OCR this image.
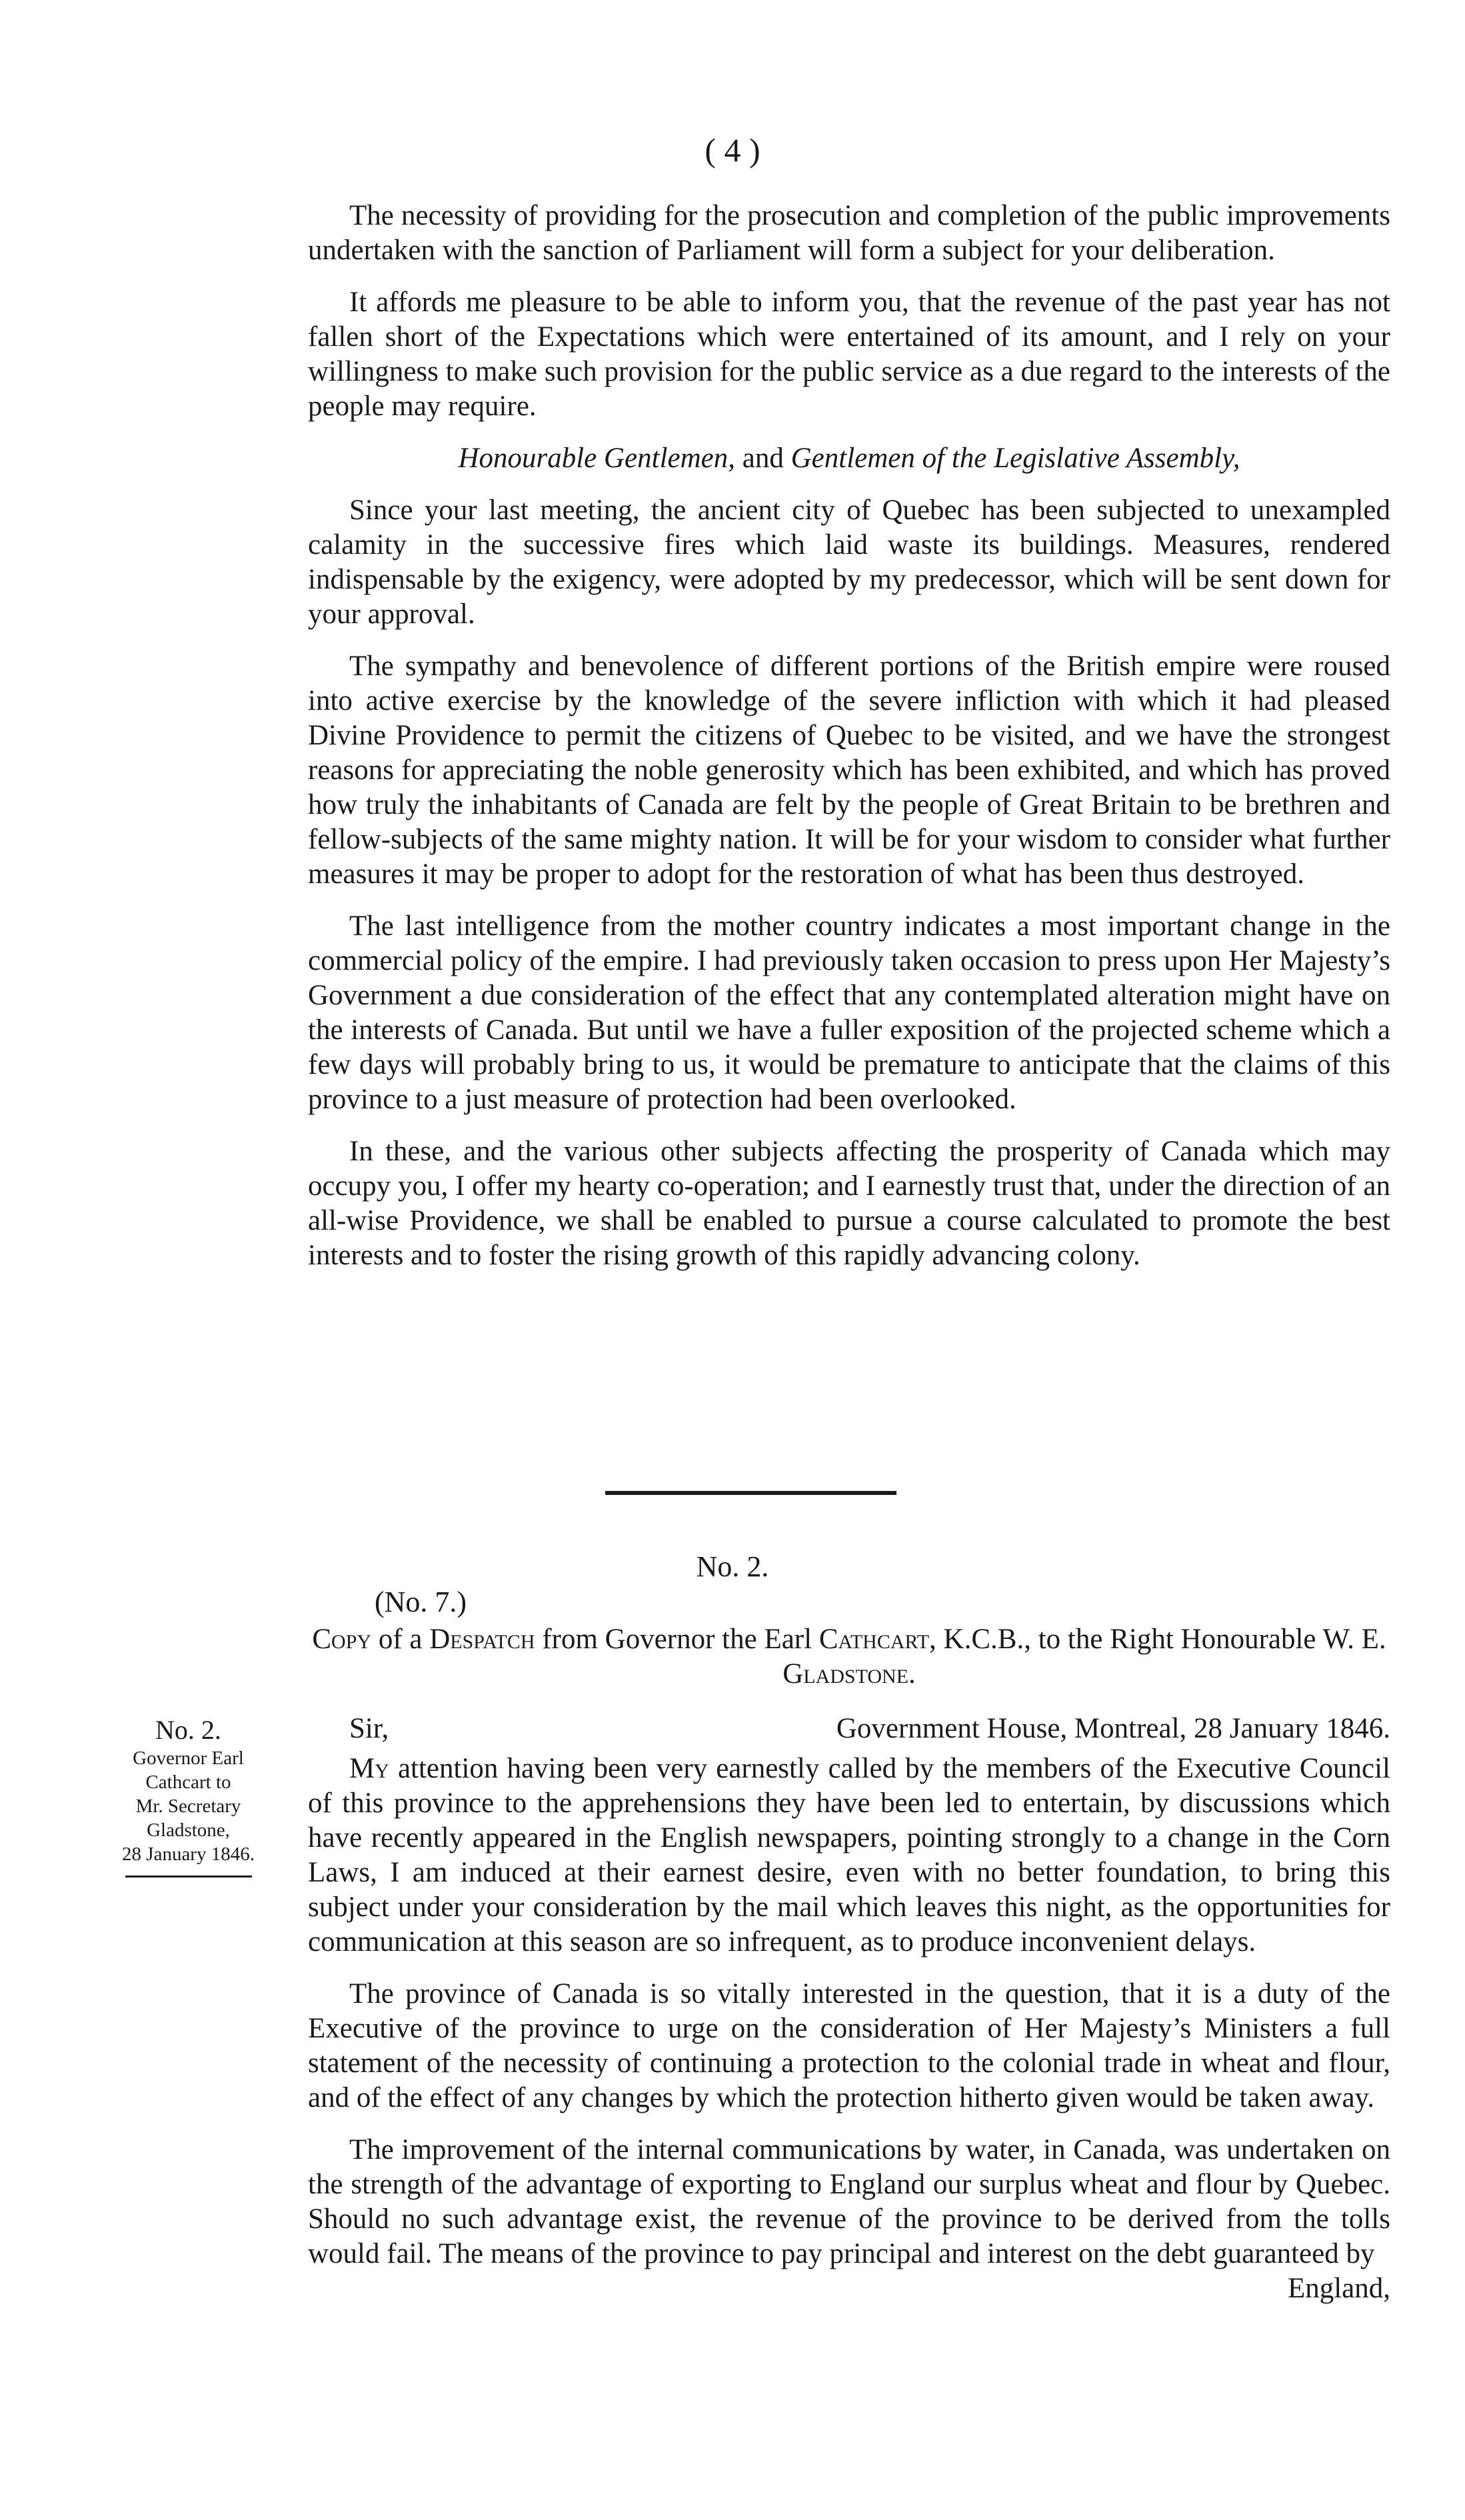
( 4 )

The necessity of providing for the prosecution and completion of the public improvements undertaken with the sanction of Parliament will form a subject for your deliberation.

It affords me pleasure to be able to inform you, that the revenue of the past year has not fallen short of the Expectations which were entertained of its amount, and I rely on your willingness to make such provision for the public service as a due regard to the interests of the people may require.

Honourable Gentlemen, and Gentlemen of the Legislative Assembly,

Since your last meeting, the ancient city of Quebec has been subjected to unexampled calamity in the successive fires which laid waste its buildings. Measures, rendered indispensable by the exigency, were adopted by my predecessor, which will be sent down for your approval.

The sympathy and benevolence of different portions of the British empire were roused into active exercise by the knowledge of the severe infliction with which it had pleased Divine Providence to permit the citizens of Quebec to be visited, and we have the strongest reasons for appreciating the noble generosity which has been exhibited, and which has proved how truly the inhabitants of Canada are felt by the people of Great Britain to be brethren and fellow-subjects of the same mighty nation. It will be for your wisdom to consider what further measures it may be proper to adopt for the restoration of what has been thus destroyed.

The last intelligence from the mother country indicates a most important change in the commercial policy of the empire. I had previously taken occasion to press upon Her Majesty’s Government a due consideration of the effect that any contemplated alteration might have on the interests of Canada. But until we have a fuller exposition of the projected scheme which a few days will probably bring to us, it would be premature to anticipate that the claims of this province to a just measure of protection had been overlooked.

In these, and the various other subjects affecting the prosperity of Canada which may occupy you, I offer my hearty co-operation; and I earnestly trust that, under the direction of an all-wise Providence, we shall be enabled to pursue a course calculated to promote the best interests and to foster the rising growth of this rapidly advancing colony.

No. 2.

(No. 7.)

Copy of a Despatch from Governor the Earl Cathcart, K.C.B., to the Right Honourable W. E. Gladstone.

Sir,	Government House, Montreal, 28 January 1846.

My attention having been very earnestly called by the members of the Executive Council of this province to the apprehensions they have been led to entertain, by discussions which have recently appeared in the English newspapers, pointing strongly to a change in the Corn Laws, I am induced at their earnest desire, even with no better foundation, to bring this subject under your consideration by the mail which leaves this night, as the opportunities for communication at this season are so infrequent, as to produce inconvenient delays.

The province of Canada is so vitally interested in the question, that it is a duty of the Executive of the province to urge on the consideration of Her Majesty’s Ministers a full statement of the necessity of continuing a protection to the colonial trade in wheat and flour, and of the effect of any changes by which the protection hitherto given would be taken away.

The improvement of the internal communications by water, in Canada, was undertaken on the strength of the advantage of exporting to England our surplus wheat and flour by Quebec. Should no such advantage exist, the revenue of the province to be derived from the tolls would fail. The means of the province to pay principal and interest on the debt guaranteed by

England,
No. 2.
Governor Earl
Cathcart to
Mr. Secretary
Gladstone,
28 January 1846.
